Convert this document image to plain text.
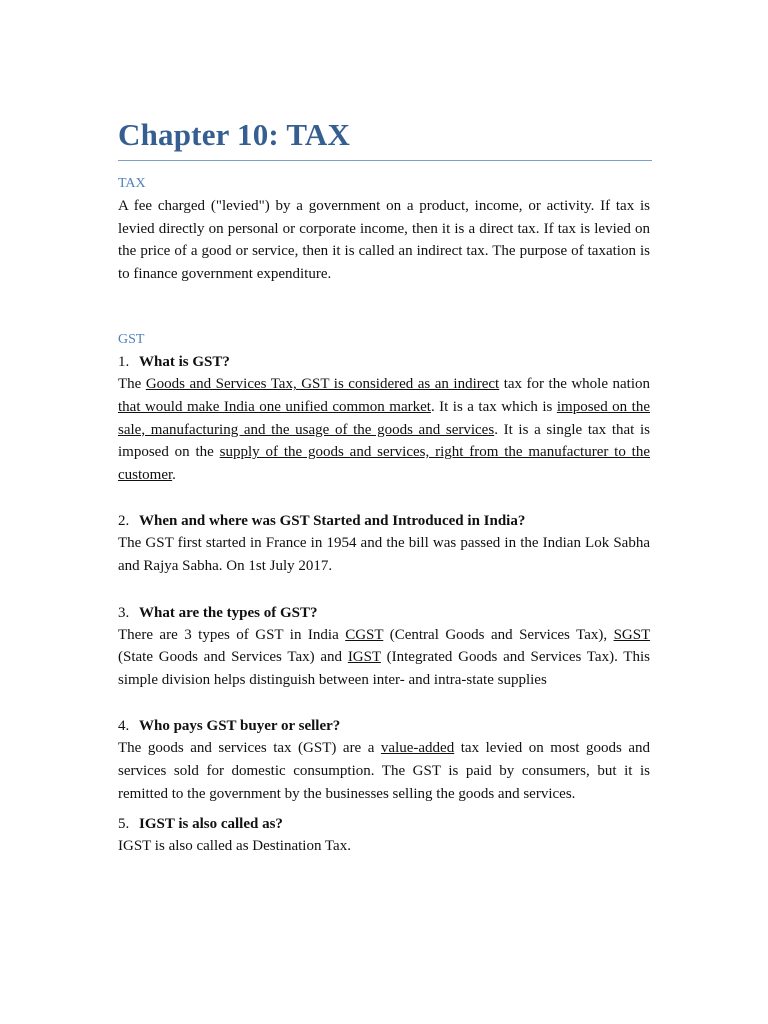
Chapter 10: TAX

TAX

A fee charged ("levied") by a government on a product, income, or activity. If tax is levied directly on personal or corporate income, then it is a direct tax. If tax is levied on the price of a good or service, then it is called an indirect tax. The purpose of taxation is to finance government expenditure.

GST

1. What is GST?

The Goods and Services Tax, GST is considered as an indirect tax for the whole nation that would make India one unified common market. It is a tax which is imposed on the sale, manufacturing and the usage of the goods and services. It is a single tax that is imposed on the supply of the goods and services, right from the manufacturer to the customer.

2. When and where was GST Started and Introduced in India?

The GST first started in France in 1954 and the bill was passed in the Indian Lok Sabha and Rajya Sabha. On 1st July 2017.

3. What are the types of GST?

There are 3 types of GST in India CGST (Central Goods and Services Tax), SGST (State Goods and Services Tax) and IGST (Integrated Goods and Services Tax). This simple division helps distinguish between inter- and intra-state supplies

4. Who pays GST buyer or seller?

The goods and services tax (GST) are a value-added tax levied on most goods and services sold for domestic consumption. The GST is paid by consumers, but it is remitted to the government by the businesses selling the goods and services.

5. IGST is also called as?

IGST is also called as Destination Tax.
